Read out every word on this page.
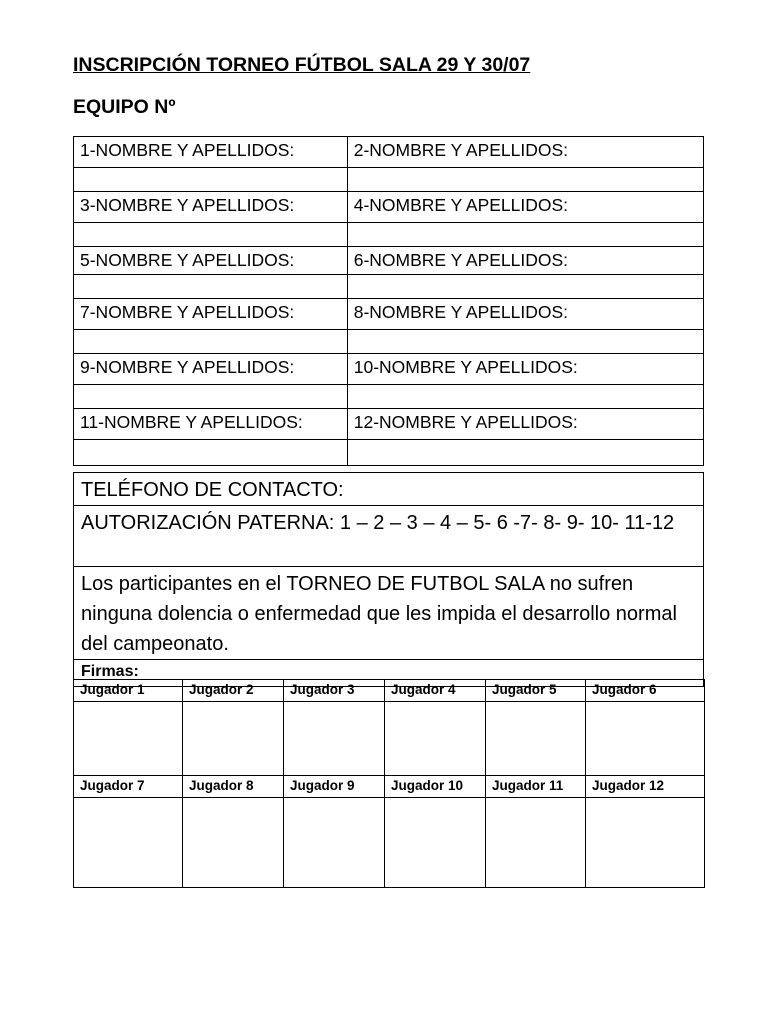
INSCRIPCIÓN TORNEO FÚTBOL SALA 29 Y 30/07
EQUIPO Nº
1-NOMBRE Y APELLIDOS:	2-NOMBRE Y APELLIDOS:

3-NOMBRE Y APELLIDOS:	4-NOMBRE Y APELLIDOS:

5-NOMBRE Y APELLIDOS:	6-NOMBRE Y APELLIDOS:

7-NOMBRE Y APELLIDOS:	8-NOMBRE Y APELLIDOS:

9-NOMBRE Y APELLIDOS:	10-NOMBRE Y APELLIDOS:

11-NOMBRE Y APELLIDOS:	12-NOMBRE Y APELLIDOS:

TELÉFONO DE CONTACTO:
AUTORIZACIÓN PATERNA: 1 – 2 – 3 – 4 – 5- 6 -7- 8- 9- 10- 11-12
Los participantes en el TORNEO DE FUTBOL SALA no sufren ninguna dolencia o enfermedad que les impida el desarrollo normal del campeonato.
Firmas:
Jugador 1	Jugador 2	Jugador 3	Jugador 4	Jugador 5	Jugador 6

Jugador 7	Jugador 8	Jugador 9	Jugador 10	Jugador 11	Jugador 12
